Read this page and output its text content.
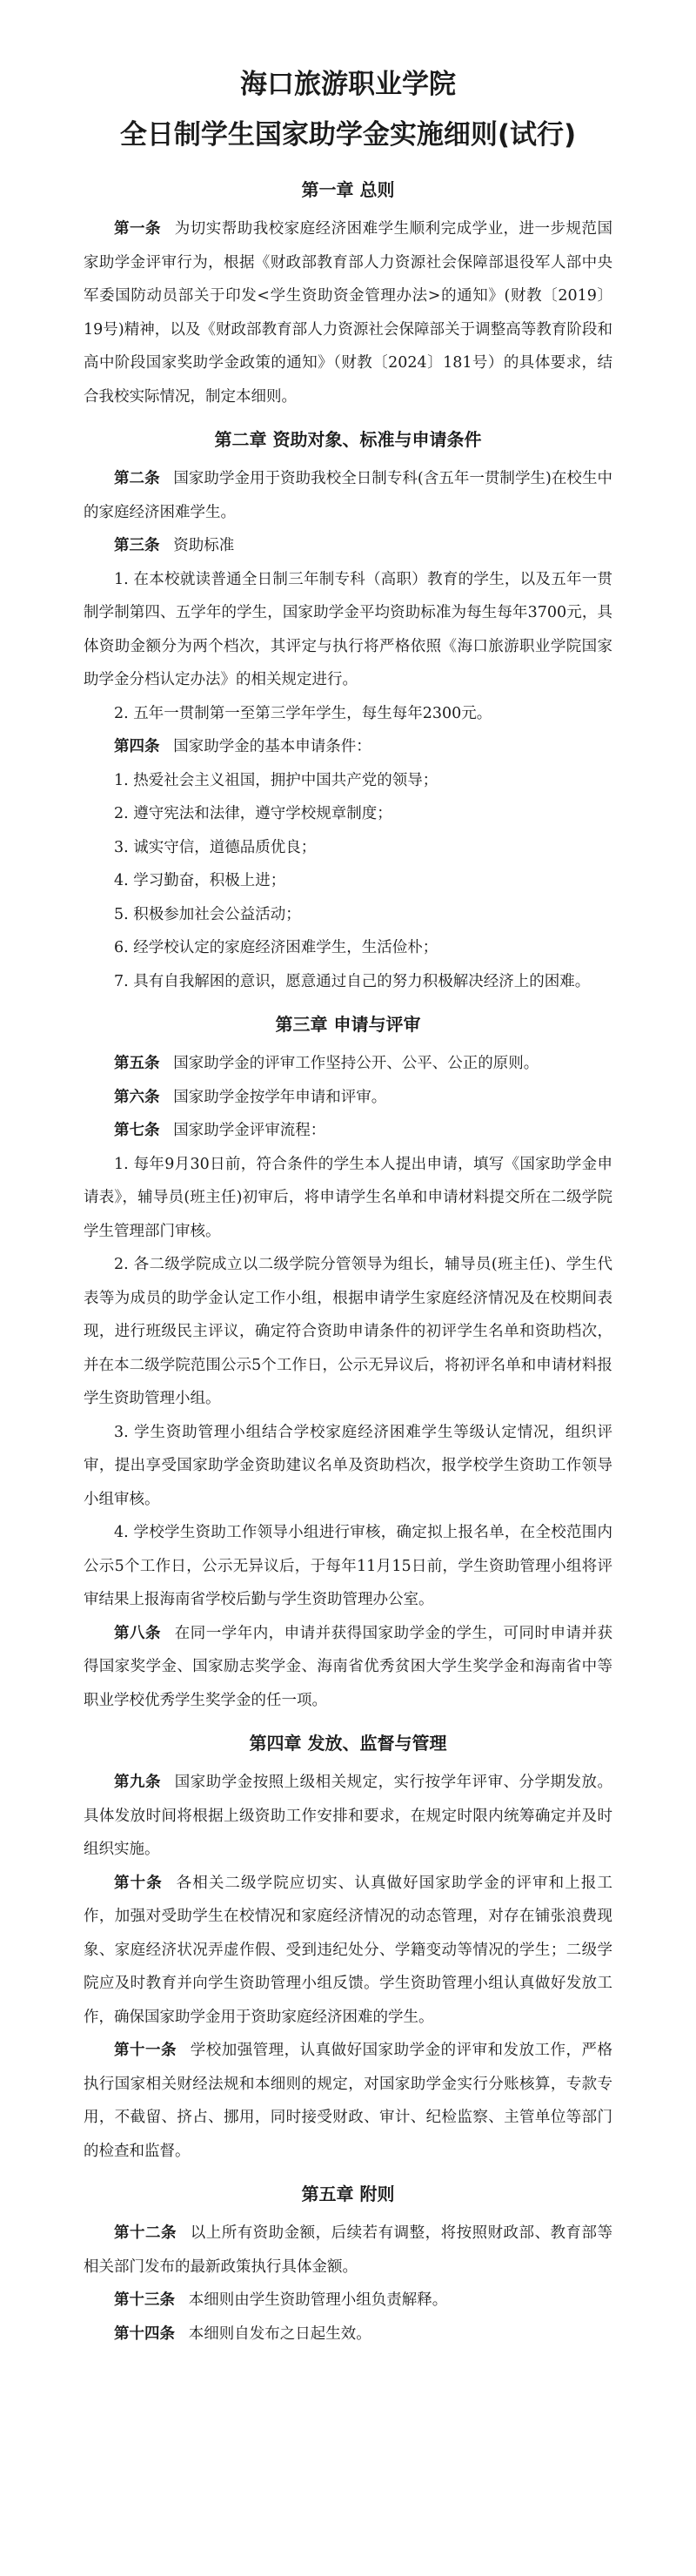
海口旅游职业学院
全日制学生国家助学金实施细则(试行)
第一章 总则

第一条 为切实帮助我校家庭经济困难学生顺利完成学业，进一步规范国家助学金评审行为，根据《财政部教育部人力资源社会保障部退役军人部中央军委国防动员部关于印发<学生资助资金管理办法>的通知》(财教〔2019〕19号)精神，以及《财政部教育部人力资源社会保障部关于调整高等教育阶段和高中阶段国家奖助学金政策的通知》（财教〔2024〕181号）的具体要求，结合我校实际情况，制定本细则。

第二章 资助对象、标准与申请条件

第二条 国家助学金用于资助我校全日制专科(含五年一贯制学生)在校生中的家庭经济困难学生。

第三条 资助标准

1. 在本校就读普通全日制三年制专科（高职）教育的学生，以及五年一贯制学制第四、五学年的学生，国家助学金平均资助标准为每生每年3700元，具体资助金额分为两个档次，其评定与执行将严格依照《海口旅游职业学院国家助学金分档认定办法》的相关规定进行。

2. 五年一贯制第一至第三学年学生，每生每年2300元。

第四条 国家助学金的基本申请条件：

1. 热爱社会主义祖国，拥护中国共产党的领导；

2. 遵守宪法和法律，遵守学校规章制度；

3. 诚实守信，道德品质优良；

4. 学习勤奋，积极上进；

5. 积极参加社会公益活动；

6. 经学校认定的家庭经济困难学生，生活俭朴；

7. 具有自我解困的意识，愿意通过自己的努力积极解决经济上的困难。

第三章 申请与评审

第五条 国家助学金的评审工作坚持公开、公平、公正的原则。

第六条 国家助学金按学年申请和评审。

第七条 国家助学金评审流程：

1. 每年9月30日前，符合条件的学生本人提出申请，填写《国家助学金申请表》，辅导员(班主任)初审后，将申请学生名单和申请材料提交所在二级学院学生管理部门审核。

2. 各二级学院成立以二级学院分管领导为组长，辅导员(班主任)、学生代表等为成员的助学金认定工作小组，根据申请学生家庭经济情况及在校期间表现，进行班级民主评议，确定符合资助申请条件的初评学生名单和资助档次，并在本二级学院范围公示5个工作日，公示无异议后，将初评名单和申请材料报学生资助管理小组。

3. 学生资助管理小组结合学校家庭经济困难学生等级认定情况，组织评审，提出享受国家助学金资助建议名单及资助档次，报学校学生资助工作领导小组审核。

4. 学校学生资助工作领导小组进行审核，确定拟上报名单，在全校范围内公示5个工作日，公示无异议后，于每年11月15日前，学生资助管理小组将评审结果上报海南省学校后勤与学生资助管理办公室。

第八条 在同一学年内，申请并获得国家助学金的学生，可同时申请并获得国家奖学金、国家励志奖学金、海南省优秀贫困大学生奖学金和海南省中等职业学校优秀学生奖学金的任一项。

第四章 发放、监督与管理

第九条 国家助学金按照上级相关规定，实行按学年评审、分学期发放。具体发放时间将根据上级资助工作安排和要求，在规定时限内统筹确定并及时组织实施。

第十条 各相关二级学院应切实、认真做好国家助学金的评审和上报工作，加强对受助学生在校情况和家庭经济情况的动态管理，对存在铺张浪费现象、家庭经济状况弄虚作假、受到违纪处分、学籍变动等情况的学生；二级学院应及时教育并向学生资助管理小组反馈。学生资助管理小组认真做好发放工作，确保国家助学金用于资助家庭经济困难的学生。

第十一条 学校加强管理，认真做好国家助学金的评审和发放工作，严格执行国家相关财经法规和本细则的规定，对国家助学金实行分账核算，专款专用，不截留、挤占、挪用，同时接受财政、审计、纪检监察、主管单位等部门的检查和监督。

第五章 附则

第十二条 以上所有资助金额，后续若有调整，将按照财政部、教育部等相关部门发布的最新政策执行具体金额。

第十三条 本细则由学生资助管理小组负责解释。

第十四条 本细则自发布之日起生效。
